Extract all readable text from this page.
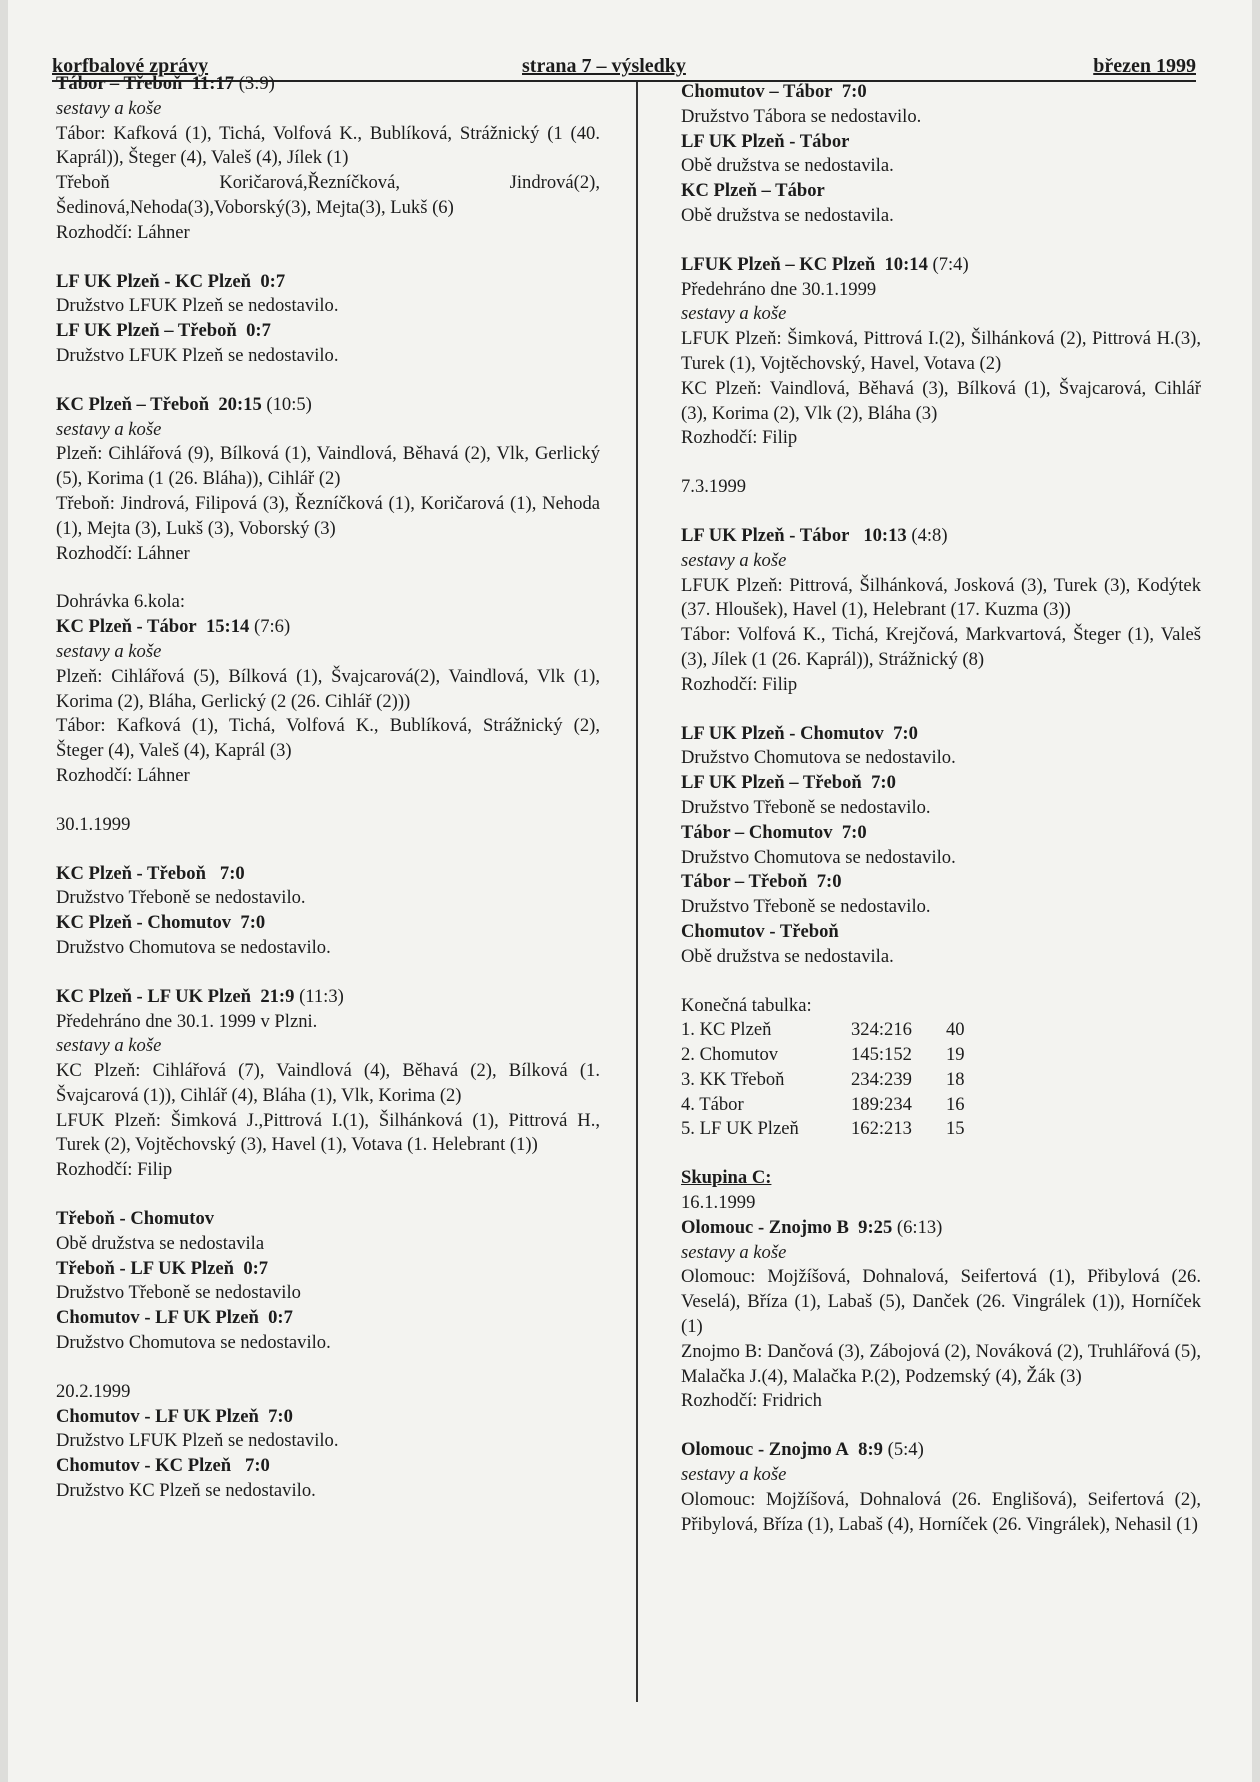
korfbalové zprávy	strana 7 – výsledky	březen 1999
Tábor – Třeboň 11:17 (3:9)
sestavy a koše
Tábor: Kafková (1), Tichá, Volfová K., Bublíková, Strážnický (1 (40. Kaprál)), Šteger (4), Valeš (4), Jílek (1)
Třeboň Koričarová,Řezníčková, Jindrová(2), Šedinová,Nehoda(3),Voborský(3), Mejta(3), Lukš (6)
Rozhodčí: Láhner
LF UK Plzeň - KC Plzeň 0:7
Družstvo LFUK Plzeň se nedostavilo.
LF UK Plzeň – Třeboň 0:7
Družstvo LFUK Plzeň se nedostavilo.
KC Plzeň – Třeboň 20:15 (10:5)
sestavy a koše
Plzeň: Cihlářová (9), Bílková (1), Vaindlová, Běhavá (2), Vlk, Gerlický (5), Korima (1 (26. Bláha)), Cihlář (2)
Třeboň: Jindrová, Filipová (3), Řezníčková (1), Koričarová (1), Nehoda (1), Mejta (3), Lukš (3), Voborský (3)
Rozhodčí: Láhner
Dohrávka 6.kola:
KC Plzeň - Tábor 15:14 (7:6)
sestavy a koše
Plzeň: Cihlářová (5), Bílková (1), Švajcarová(2), Vaindlová, Vlk (1), Korima (2), Bláha, Gerlický (2 (26. Cihlář (2)))
Tábor: Kafková (1), Tichá, Volfová K., Bublíková, Strážnický (2), Šteger (4), Valeš (4), Kaprál (3)
Rozhodčí: Láhner
30.1.1999
KC Plzeň - Třeboň 7:0
Družstvo Třeboně se nedostavilo.
KC Plzeň - Chomutov 7:0
Družstvo Chomutova se nedostavilo.
KC Plzeň - LF UK Plzeň 21:9 (11:3)
Předehráno dne 30.1. 1999 v Plzni.
sestavy a koše
KC Plzeň: Cihlářová (7), Vaindlová (4), Běhavá (2), Bílková (1. Švajcarová (1)), Cihlář (4), Bláha (1), Vlk, Korima (2)
LFUK Plzeň: Šimková J.,Pittrová I.(1), Šilhánková (1), Pittrová H., Turek (2), Vojtěchovský (3), Havel (1), Votava (1. Helebrant (1))
Rozhodčí: Filip
Třeboň - Chomutov
Obě družstva se nedostavila
Třeboň - LF UK Plzeň 0:7
Družstvo Třeboně se nedostavilo
Chomutov - LF UK Plzeň 0:7
Družstvo Chomutova se nedostavilo.
20.2.1999
Chomutov - LF UK Plzeň 7:0
Družstvo LFUK Plzeň se nedostavilo.
Chomutov - KC Plzeň 7:0
Družstvo KC Plzeň se nedostavilo.
Chomutov – Tábor 7:0
Družstvo Tábora se nedostavilo.
LF UK Plzeň - Tábor
Obě družstva se nedostavila.
KC Plzeň – Tábor
Obě družstva se nedostavila.
LFUK Plzeň – KC Plzeň 10:14 (7:4)
Předehráno dne 30.1.1999
sestavy a koše
LFUK Plzeň: Šimková, Pittrová I.(2), Šilhánková (2), Pittrová H.(3), Turek (1), Vojtěchovský, Havel, Votava (2)
KC Plzeň: Vaindlová, Běhavá (3), Bílková (1), Švajcarová, Cihlář (3), Korima (2), Vlk (2), Bláha (3)
Rozhodčí: Filip
7.3.1999
LF UK Plzeň - Tábor 10:13 (4:8)
sestavy a koše
LFUK Plzeň: Pittrová, Šilhánková, Josková (3), Turek (3), Kodýtek (37. Hloušek), Havel (1), Helebrant (17. Kuzma (3))
Tábor: Volfová K., Tichá, Krejčová, Markvartová, Šteger (1), Valeš (3), Jílek (1 (26. Kaprál)), Strážnický (8)
Rozhodčí: Filip
LF UK Plzeň - Chomutov 7:0
Družstvo Chomutova se nedostavilo.
LF UK Plzeň – Třeboň 7:0
Družstvo Třeboně se nedostavilo.
Tábor – Chomutov 7:0
Družstvo Chomutova se nedostavilo.
Tábor – Třeboň 7:0
Družstvo Třeboně se nedostavilo.
Chomutov - Třeboň
Obě družstva se nedostavila.
Konečná tabulka:
1. KC Plzeň	324:216	40
2. Chomutov	145:152	19
3. KK Třeboň	234:239	18
4. Tábor	189:234	16
5. LF UK Plzeň	162:213	15
Skupina C:
16.1.1999
Olomouc - Znojmo B 9:25 (6:13)
sestavy a koše
Olomouc: Mojžíšová, Dohnalová, Seifertová (1), Přibylová (26. Veselá), Bříza (1), Labaš (5), Danček (26. Vingrálek (1)), Horníček (1)
Znojmo B: Dančová (3), Zábojová (2), Nováková (2), Truhlářová (5), Malačka J.(4), Malačka P.(2), Podzemský (4), Žák (3)
Rozhodčí: Fridrich
Olomouc - Znojmo A 8:9 (5:4)
sestavy a koše
Olomouc: Mojžíšová, Dohnalová (26. Englišová), Seifertová (2), Přibylová, Bříza (1), Labaš (4), Horníček (26. Vingrálek), Nehasil (1)
